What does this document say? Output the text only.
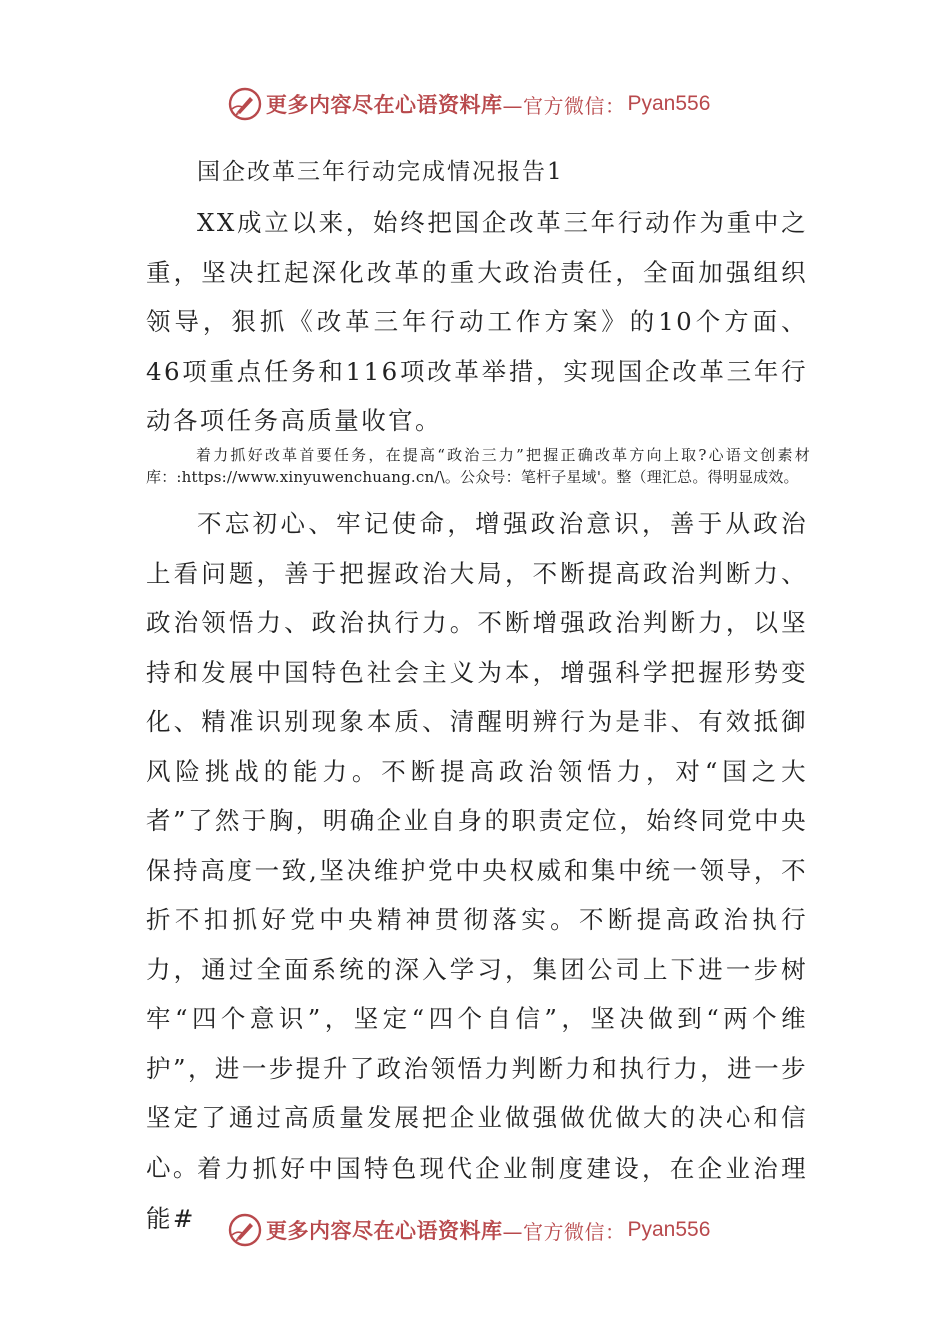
更多内容尽在心语资料库 —官方微信： Pyan556
国企改革三年行动完成情况报告1
XX成立以来，始终把国企改革三年行动作为重中之重，坚决扛起深化改革的重大政治责任，全面加强组织领导，狠抓《改革三年行动工作方案》的10个方面、46项重点任务和116项改革举措，实现国企改革三年行动各项任务高质量收官。
着力抓好改革首要任务，在提高“政治三力”把握正确改革方向上取?心语文创素材库：:https://www.xinyuwenchuang.cn/\。公众号：笔杆子星域'。整（理汇总。得明显成效。
不忘初心、牢记使命，增强政治意识，善于从政治上看问题，善于把握政治大局，不断提高政治判断力、政治领悟力、政治执行力。不断增强政治判断力，以坚持和发展中国特色社会主义为本，增强科学把握形势变化、精准识别现象本质、清醒明辨行为是非、有效抵御风险挑战的能力。不断提高政治领悟力，对“国之大者”了然于胸，明确企业自身的职责定位，始终同党中央保持高度一致,坚决维护党中央权威和集中统一领导，不折不扣抓好党中央精神贯彻落实。不断提高政治执行力，通过全面系统的深入学习，集团公司上下进一步树牢“四个意识”，坚定“四个自信”，坚决做到“两个维护”，进一步提升了政治领悟力判断力和执行力，进一步坚定了通过高质量发展把企业做强做优做大的决心和信心。
着力抓好中国特色现代企业制度建设，在企业治理能#	更多内容尽在心语资料库 —官方微信： Pyan556
